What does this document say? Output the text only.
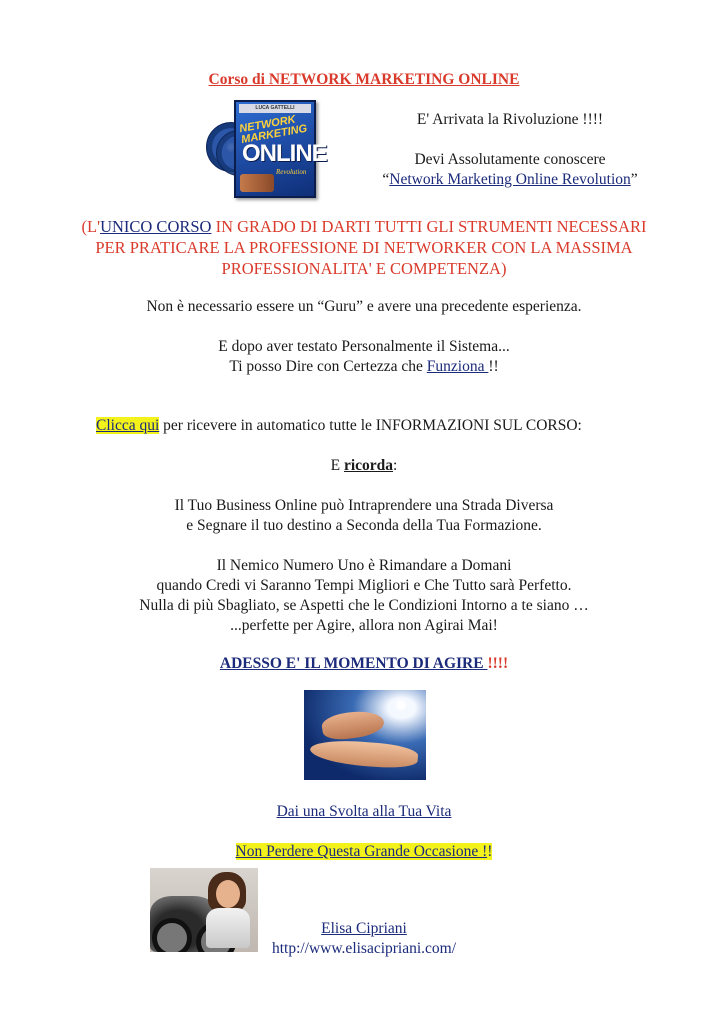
Corso di NETWORK MARKETING ONLINE
LUCA GATTELLI
NETWORK MARKETING
ONLINE
Revolution
E' Arrivata la Rivoluzione !!!!
Devi Assolutamente conoscere
“Network Marketing Online Revolution”
(L'UNICO CORSO IN GRADO DI DARTI TUTTI GLI STRUMENTI NECESSARI
PER PRATICARE LA PROFESSIONE DI NETWORKER CON LA MASSIMA
PROFESSIONALITA' E COMPETENZA)
Non è necessario essere un “Guru” e avere una precedente esperienza.
E dopo aver testato Personalmente il Sistema...
Ti posso Dire con Certezza che Funziona !!
Clicca qui per ricevere in automatico tutte le INFORMAZIONI SUL CORSO:
E ricorda:
Il Tuo Business Online può Intraprendere una Strada Diversa
e Segnare il tuo destino a Seconda della Tua Formazione.
Il Nemico Numero Uno è Rimandare a Domani
quando Credi vi Saranno Tempi Migliori e Che Tutto sarà Perfetto.
Nulla di più Sbagliato, se Aspetti che le Condizioni Intorno a te siano …
...perfette per Agire, allora non Agirai Mai!
ADESSO E' IL MOMENTO DI AGIRE !!!!
Dai una Svolta alla Tua Vita
Non Perdere Questa Grande Occasione !!
Elisa Cipriani
http://www.elisacipriani.com/
